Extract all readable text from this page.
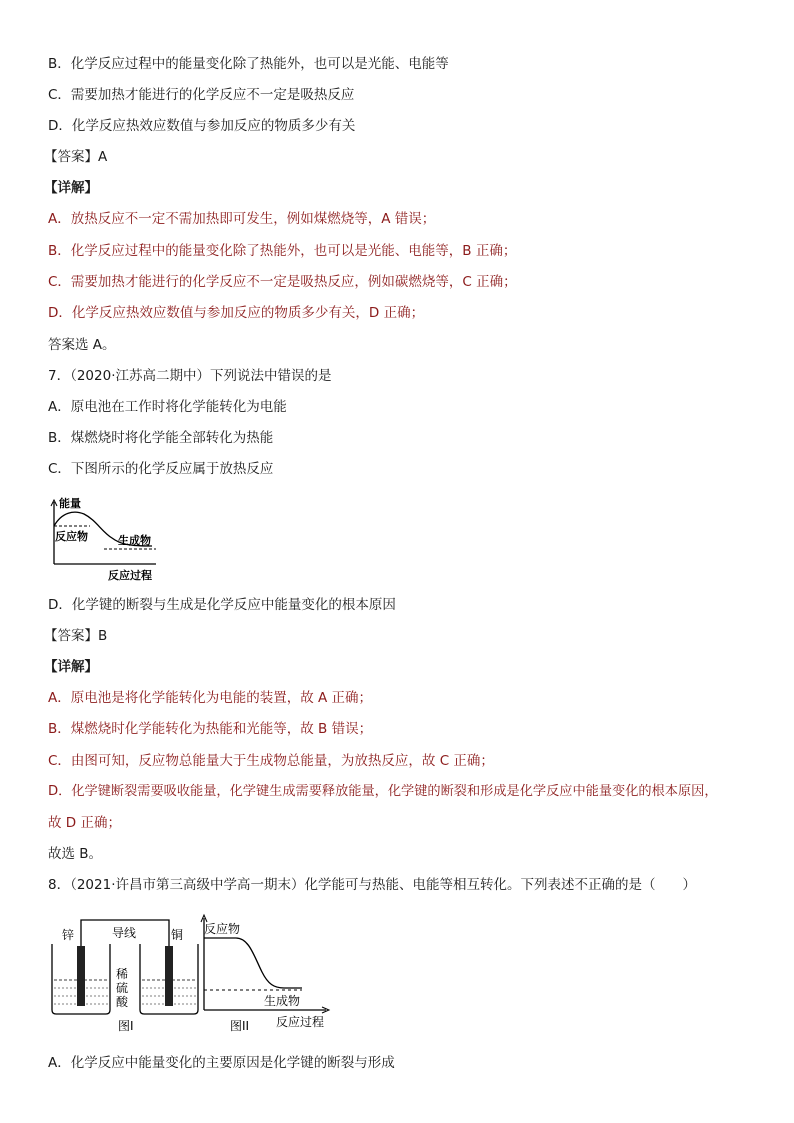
B．化学反应过程中的能量变化除了热能外，也可以是光能、电能等
C．需要加热才能进行的化学反应不一定是吸热反应
D．化学反应热效应数值与参加反应的物质多少有关
【答案】A
【详解】
A．放热反应不一定不需加热即可发生，例如煤燃烧等，A 错误；
B．化学反应过程中的能量变化除了热能外，也可以是光能、电能等，B 正确；
C．需要加热才能进行的化学反应不一定是吸热反应，例如碳燃烧等，C 正确；
D．化学反应热效应数值与参加反应的物质多少有关，D 正确；
答案选 A。
7．（2020·江苏高二期中）下列说法中错误的是
A．原电池在工作时将化学能转化为电能
B．煤燃烧时将化学能全部转化为热能
C．下图所示的化学反应属于放热反应
能量
反应物	生成物
反应过程
D．化学键的断裂与生成是化学反应中能量变化的根本原因
【答案】B
【详解】
A．原电池是将化学能转化为电能的装置，故 A 正确；
B．煤燃烧时化学能转化为热能和光能等，故 B 错误；
C．由图可知，反应物总能量大于生成物总能量，为放热反应，故 C 正确；
D．化学键断裂需要吸收能量，化学键生成需要释放能量，化学键的断裂和形成是化学反应中能量变化的根本原因，
故 D 正确；
故选 B。
8．（2021·许昌市第三高级中学高一期末）化学能可与热能、电能等相互转化。下列表述不正确的是（　　）
锌	铜
导线
稀
硫
酸
图I
反应物
生成物
反应过程
图II
A．化学反应中能量变化的主要原因是化学键的断裂与形成
